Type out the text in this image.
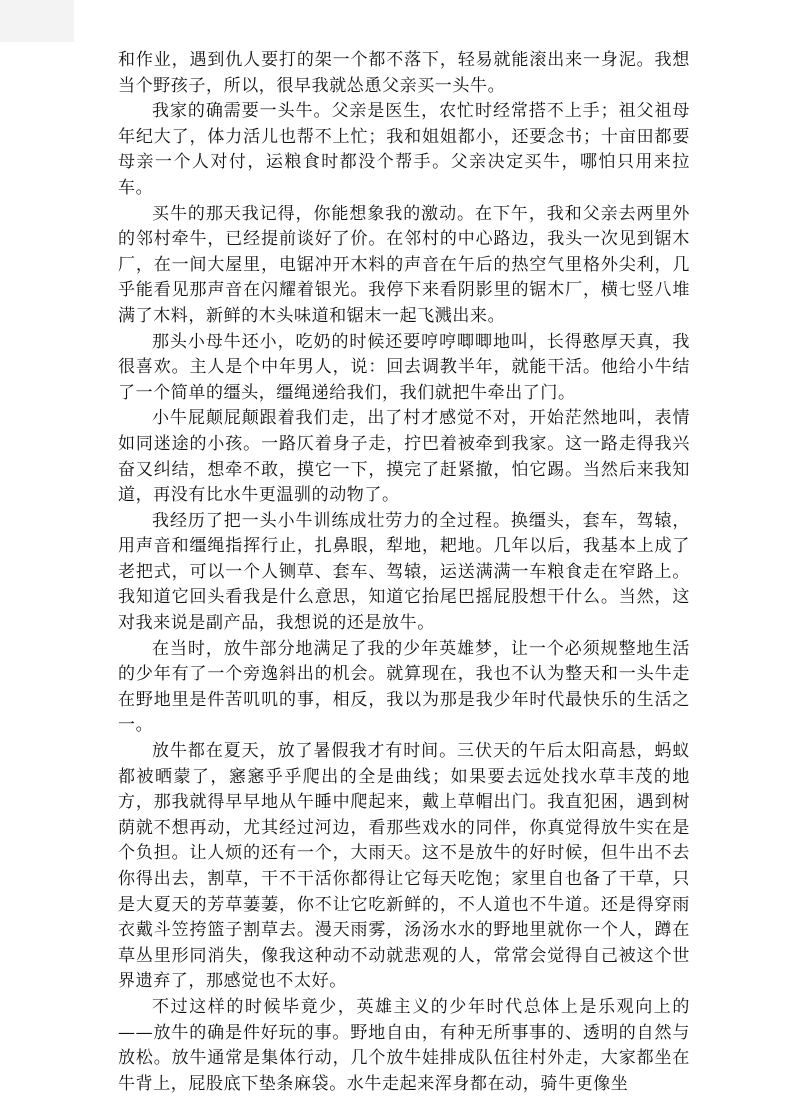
和作业，遇到仇人要打的架一个都不落下，轻易就能滚出来一身泥。我想当个野孩子，所以，很早我就怂恿父亲买一头牛。

我家的确需要一头牛。父亲是医生，农忙时经常搭不上手；祖父祖母年纪大了，体力活儿也帮不上忙；我和姐姐都小，还要念书；十亩田都要母亲一个人对付，运粮食时都没个帮手。父亲决定买牛，哪怕只用来拉车。

买牛的那天我记得，你能想象我的激动。在下午，我和父亲去两里外的邻村牵牛，已经提前谈好了价。在邻村的中心路边，我头一次见到锯木厂，在一间大屋里，电锯冲开木料的声音在午后的热空气里格外尖利，几乎能看见那声音在闪耀着银光。我停下来看阴影里的锯木厂，横七竖八堆满了木料，新鲜的木头味道和锯末一起飞溅出来。

那头小母牛还小，吃奶的时候还要哼哼唧唧地叫，长得憨厚天真，我很喜欢。主人是个中年男人，说：回去调教半年，就能干活。他给小牛结了一个简单的缰头，缰绳递给我们，我们就把牛牵出了门。

小牛屁颠屁颠跟着我们走，出了村才感觉不对，开始茫然地叫，表情如同迷途的小孩。一路仄着身子走，拧巴着被牵到我家。这一路走得我兴奋又纠结，想牵不敢，摸它一下，摸完了赶紧撤，怕它踢。当然后来我知道，再没有比水牛更温驯的动物了。

我经历了把一头小牛训练成壮劳力的全过程。换缰头，套车，驾辕，用声音和缰绳指挥行止，扎鼻眼，犁地，耙地。几年以后，我基本上成了老把式，可以一个人铡草、套车、驾辕，运送满满一车粮食走在窄路上。我知道它回头看我是什么意思，知道它抬尾巴摇屁股想干什么。当然，这对我来说是副产品，我想说的还是放牛。

在当时，放牛部分地满足了我的少年英雄梦，让一个必须规整地生活的少年有了一个旁逸斜出的机会。就算现在，我也不认为整天和一头牛走在野地里是件苦叽叽的事，相反，我以为那是我少年时代最快乐的生活之一。

放牛都在夏天，放了暑假我才有时间。三伏天的午后太阳高悬，蚂蚁都被晒蒙了，窸窸乎乎爬出的全是曲线；如果要去远处找水草丰茂的地方，那我就得早早地从午睡中爬起来，戴上草帽出门。我直犯困，遇到树荫就不想再动，尤其经过河边，看那些戏水的同伴，你真觉得放牛实在是个负担。让人烦的还有一个，大雨天。这不是放牛的好时候，但牛出不去你得出去，割草，干不干活你都得让它每天吃饱；家里自也备了干草，只是大夏天的芳草萋萋，你不让它吃新鲜的，不人道也不牛道。还是得穿雨衣戴斗笠挎篮子割草去。漫天雨雾，汤汤水水的野地里就你一个人，蹲在草丛里形同消失，像我这种动不动就悲观的人，常常会觉得自己被这个世界遗弃了，那感觉也不太好。

不过这样的时候毕竟少，英雄主义的少年时代总体上是乐观向上的——放牛的确是件好玩的事。野地自由，有种无所事事的、透明的自然与放松。放牛通常是集体行动，几个放牛娃排成队伍往村外走，大家都坐在牛背上，屁股底下垫条麻袋。水牛走起来浑身都在动，骑牛更像坐
